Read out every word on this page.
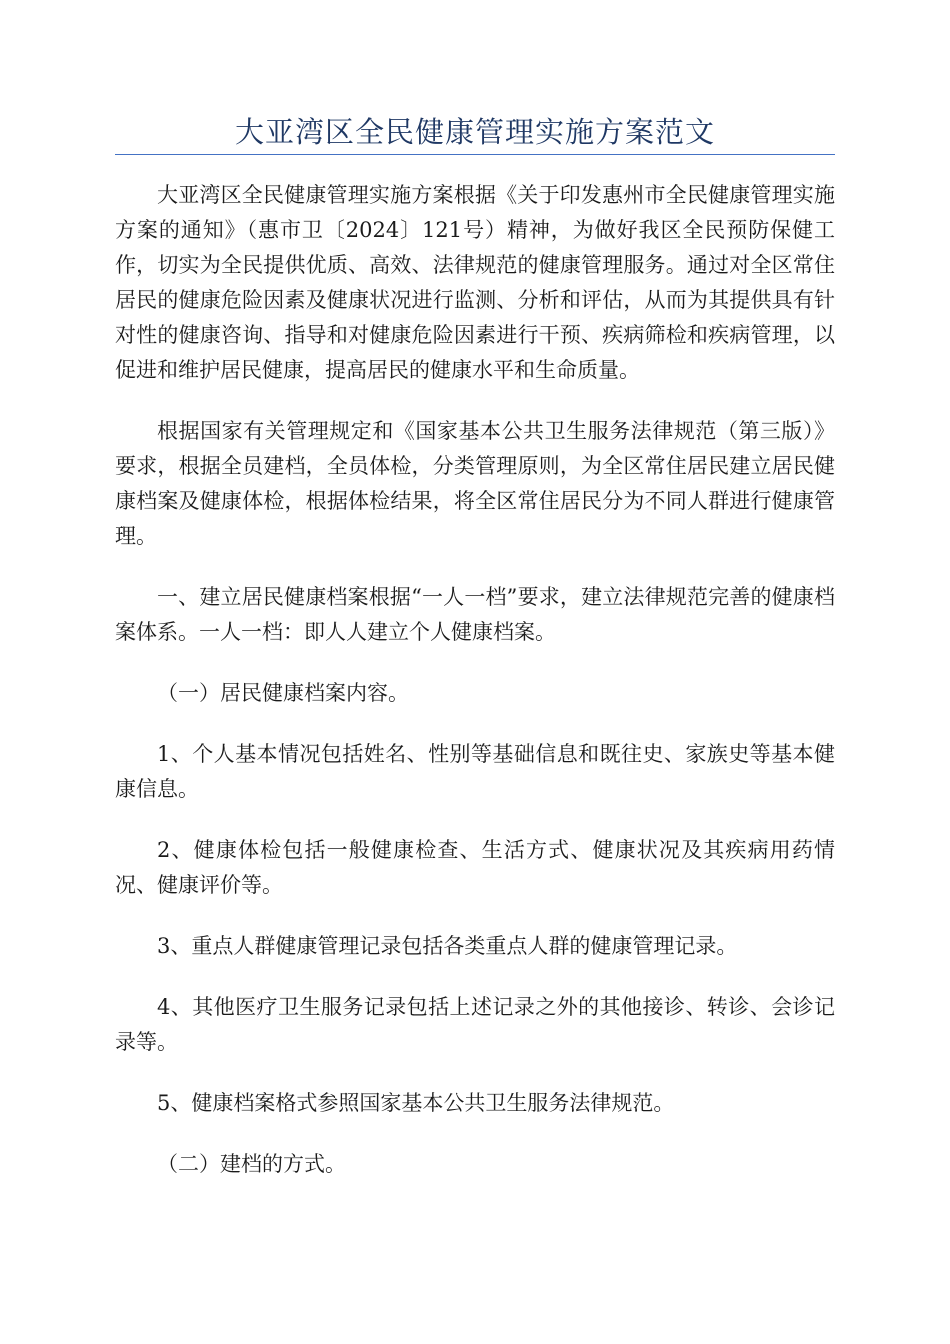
大亚湾区全民健康管理实施方案范文

大亚湾区全民健康管理实施方案根据《关于印发惠州市全民健康管理实施方案的通知》（惠市卫〔2024〕121号）精神，为做好我区全民预防保健工作，切实为全民提供优质、高效、法律规范的健康管理服务。通过对全区常住居民的健康危险因素及健康状况进行监测、分析和评估，从而为其提供具有针对性的健康咨询、指导和对健康危险因素进行干预、疾病筛检和疾病管理，以促进和维护居民健康，提高居民的健康水平和生命质量。

根据国家有关管理规定和《国家基本公共卫生服务法律规范（第三版）》要求，根据全员建档，全员体检，分类管理原则，为全区常住居民建立居民健康档案及健康体检，根据体检结果，将全区常住居民分为不同人群进行健康管理。

一、建立居民健康档案根据“一人一档”要求，建立法律规范完善的健康档案体系。一人一档：即人人建立个人健康档案。

（一）居民健康档案内容。

1、个人基本情况包括姓名、性别等基础信息和既往史、家族史等基本健康信息。

2、健康体检包括一般健康检查、生活方式、健康状况及其疾病用药情况、健康评价等。

3、重点人群健康管理记录包括各类重点人群的健康管理记录。

4、其他医疗卫生服务记录包括上述记录之外的其他接诊、转诊、会诊记录等。

5、健康档案格式参照国家基本公共卫生服务法律规范。

（二）建档的方式。
